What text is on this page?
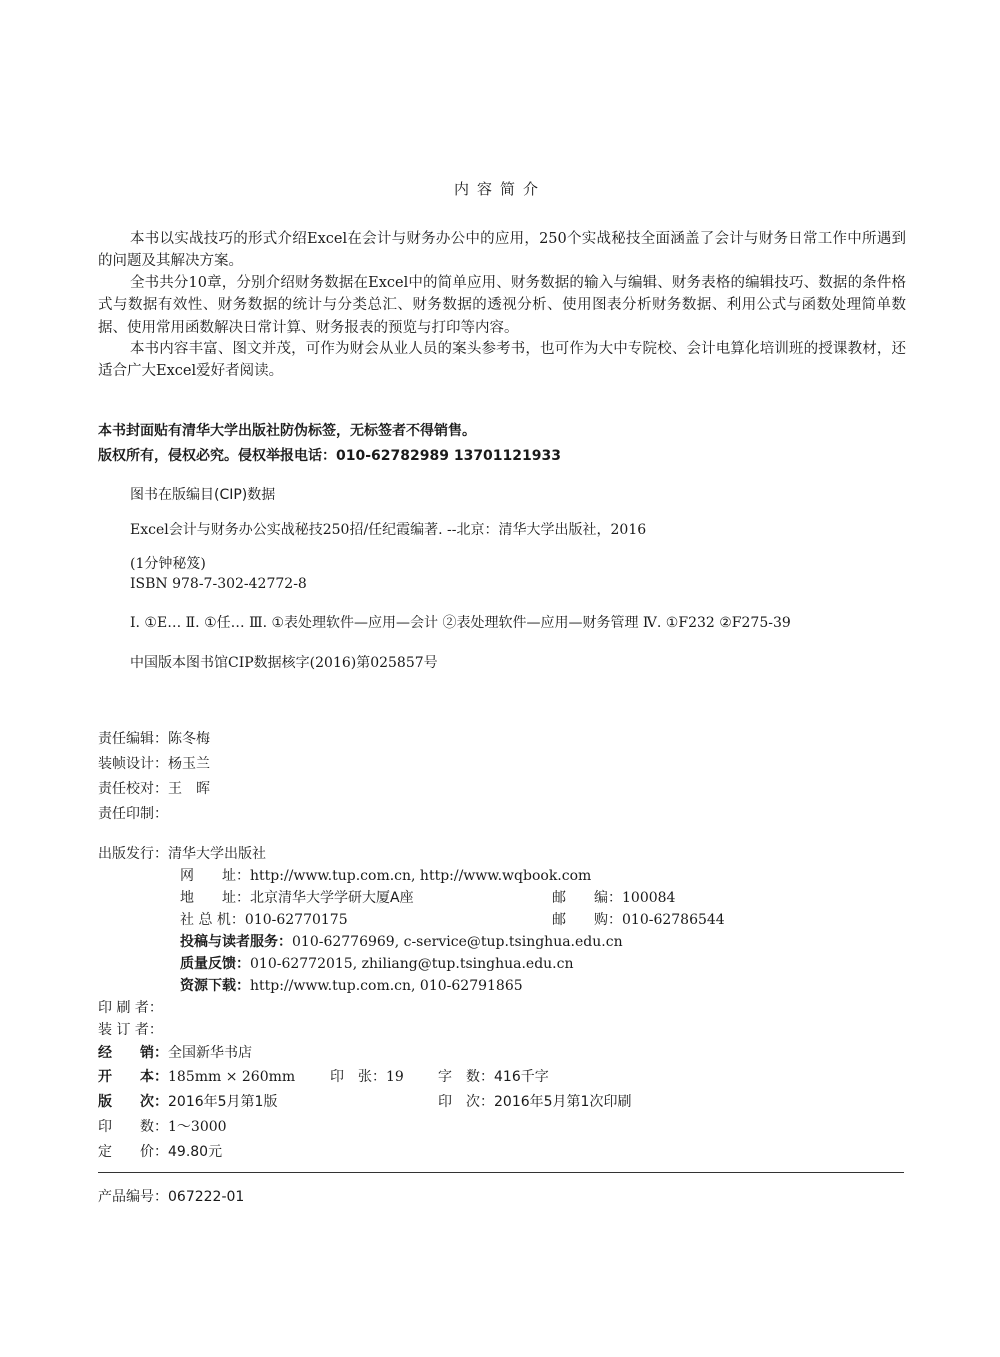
内容简介
本书以实战技巧的形式介绍Excel在会计与财务办公中的应用，250个实战秘技全面涵盖了会计与财务日常工作中所遇到的问题及其解决方案。
全书共分10章，分别介绍财务数据在Excel中的简单应用、财务数据的输入与编辑、财务表格的编辑技巧、数据的条件格式与数据有效性、财务数据的统计与分类总汇、财务数据的透视分析、使用图表分析财务数据、利用公式与函数处理简单数据、使用常用函数解决日常计算、财务报表的预览与打印等内容。
本书内容丰富、图文并茂，可作为财会从业人员的案头参考书，也可作为大中专院校、会计电算化培训班的授课教材，还适合广大Excel爱好者阅读。
本书封面贴有清华大学出版社防伪标签，无标签者不得销售。
版权所有，侵权必究。侵权举报电话：010-62782989 13701121933
图书在版编目(CIP)数据
Excel会计与财务办公实战秘技250招/任纪霞编著. --北京：清华大学出版社，2016
(1分钟秘笈)
ISBN 978-7-302-42772-8
Ⅰ. ①E… Ⅱ. ①任… Ⅲ. ①表处理软件—应用—会计 ②表处理软件—应用—财务管理 Ⅳ. ①F232 ②F275-39
中国版本图书馆CIP数据核字(2016)第025857号
责任编辑：陈冬梅
装帧设计：杨玉兰
责任校对：王　晖
责任印制：
出版发行：清华大学出版社
网　　址：http://www.tup.com.cn, http://www.wqbook.com
地　　址：北京清华大学学研大厦A座	邮　　编：100084
社 总 机：010-62770175	邮　　购：010-62786544
投稿与读者服务：010-62776969, c-service@tup.tsinghua.edu.cn
质量反馈：010-62772015, zhiliang@tup.tsinghua.edu.cn
资源下载：http://www.tup.com.cn, 010-62791865
印 刷 者：
装 订 者：
经　　销：全国新华书店
开　　本：185mm × 260mm 印　张：19 字　数：416千字
版　　次：2016年5月第1版	印　次：2016年5月第1次印刷
印　　数：1～3000
定　　价：49.80元
产品编号：067222-01
